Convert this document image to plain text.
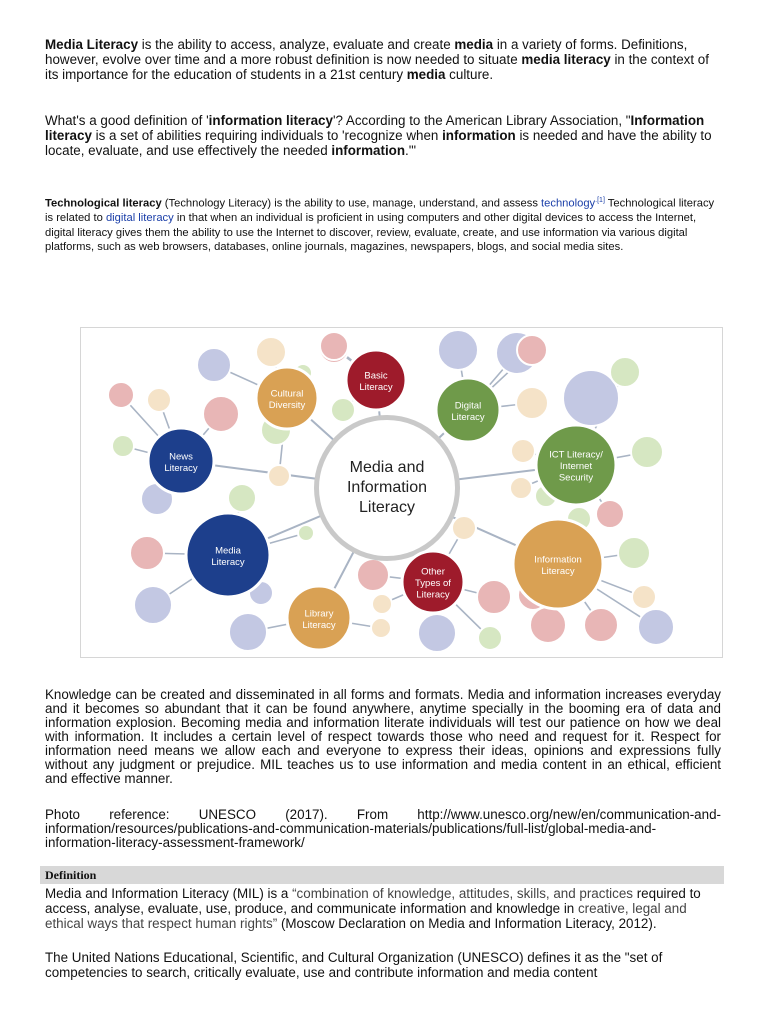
Media Literacy is the ability to access, analyze, evaluate and create media in a variety of forms. Definitions, however, evolve over time and a more robust definition is now needed to situate media literacy in the context of its importance for the education of students in a 21st century media culture.

What's a good definition of 'information literacy'? According to the American Library Association, "Information literacy is a set of abilities requiring individuals to 'recognize when information is needed and have the ability to locate, evaluate, and use effectively the needed information.'"

Technological literacy (Technology Literacy) is the ability to use, manage, understand, and assess technology$^{.[1]}$ Technological literacy is related to digital literacy in that when an individual is proficient in using computers and other digital devices to access the Internet, digital literacy gives them the ability to use the Internet to discover, review, evaluate, create, and use information via various digital platforms, such as web browsers, databases, online journals, magazines, newspapers, blogs, and social media sites.

Media and
Information
Literacy
Basic
Literacy
Cultural
Diversity	Digital
Literacy
News
Literacy
ICT Literacy/
Internet
Security
Media
Literacy	Information
Literacy
Other
Types of
Literacy
Library
Literacy

Knowledge can be created and disseminated in all forms and formats. Media and information increases everyday and it becomes so abundant that it can be found anywhere, anytime specially in the booming era of data and information explosion. Becoming media and information literate individuals will test our patience on how we deal with information. It includes a certain level of respect towards those who need and request for it. Respect for information need means we allow each and everyone to express their ideas, opinions and expressions fully without any judgment or prejudice. MIL teaches us to use information and media content in an ethical, efficient and effective manner.

Photo reference: UNESCO (2017). From http://www.unesco.org/new/en/communication-and-information/resources/publications-and-communication-materials/publications/full-list/global-media-and-information-literacy-assessment-framework/

Definition

Media and Information Literacy (MIL) is a “combination of knowledge, attitudes, skills, and practices required to access, analyse, evaluate, use, produce, and communicate information and knowledge in creative, legal and ethical ways that respect human rights” (Moscow Declaration on Media and Information Literacy, 2012).

The United Nations Educational, Scientific, and Cultural Organization (UNESCO) defines it as the "set of competencies to search, critically evaluate, use and contribute information and media content
